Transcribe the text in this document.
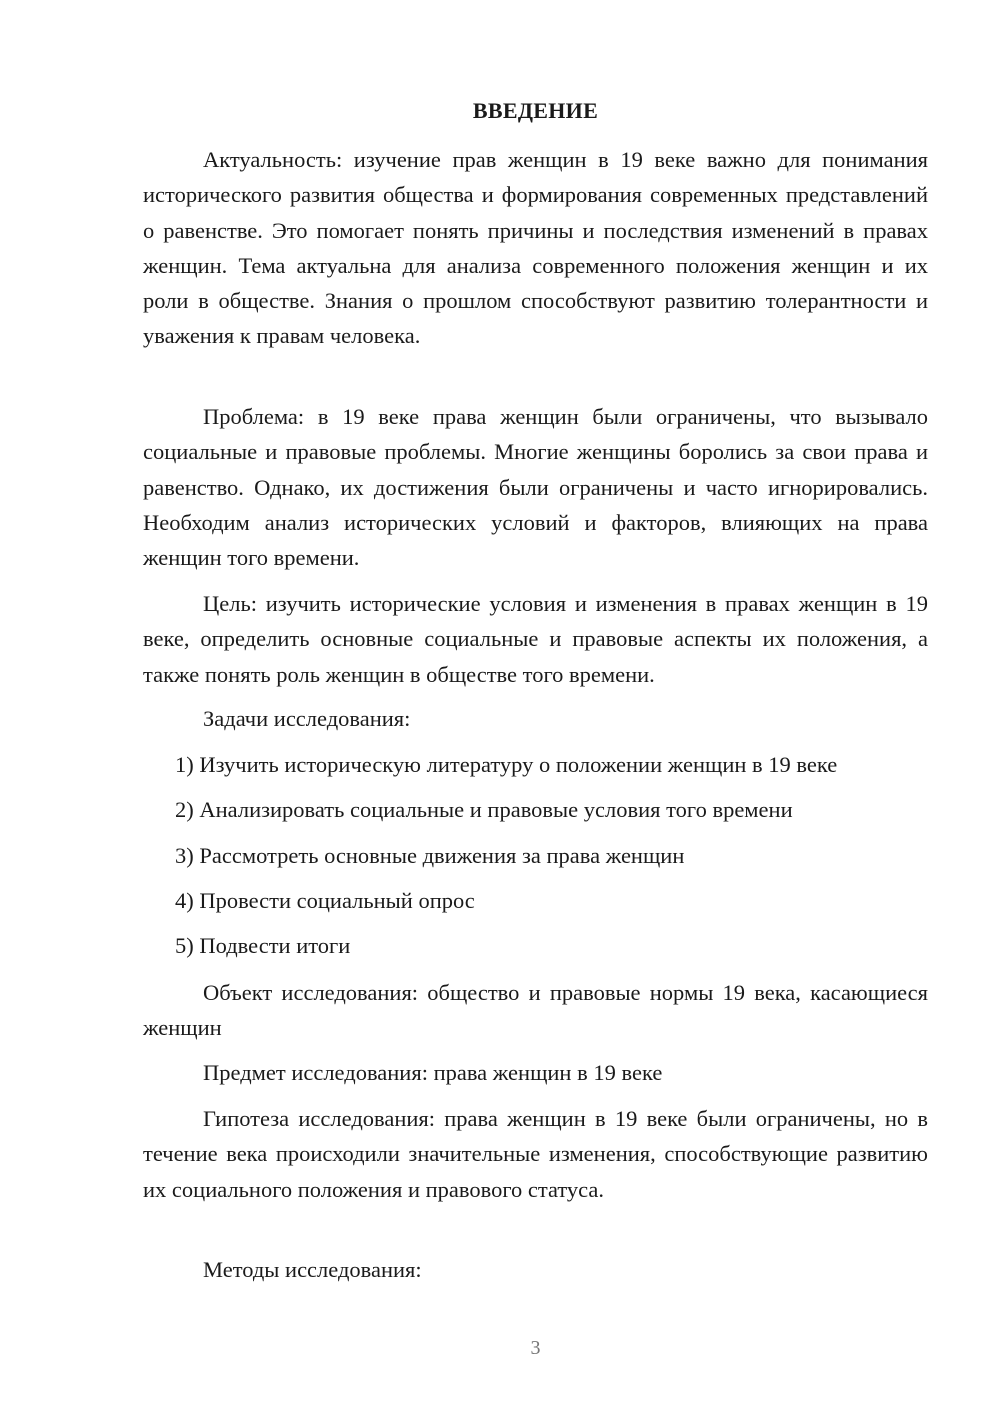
ВВЕДЕНИЕ

Актуальность: изучение прав женщин в 19 веке важно для понимания исторического развития общества и формирования современных представлений о равенстве. Это помогает понять причины и последствия изменений в правах женщин. Тема актуальна для анализа современного положения женщин и их роли в обществе. Знания о прошлом способствуют развитию толерантности и уважения к правам человека.

Проблема: в 19 веке права женщин были ограничены, что вызывало социальные и правовые проблемы. Многие женщины боролись за свои права и равенство. Однако, их достижения были ограничены и часто игнорировались. Необходим анализ исторических условий и факторов, влияющих на права женщин того времени.

Цель: изучить исторические условия и изменения в правах женщин в 19 веке, определить основные социальные и правовые аспекты их положения, а также понять роль женщин в обществе того времени.

Задачи исследования:

1) Изучить историческую литературу о положении женщин в 19 веке

2) Анализировать социальные и правовые условия того времени

3) Рассмотреть основные движения за права женщин

4) Провести социальный опрос

5) Подвести итоги

Объект исследования: общество и правовые нормы 19 века, касающиеся женщин

Предмет исследования: права женщин в 19 веке

Гипотеза исследования: права женщин в 19 веке были ограничены, но в течение века происходили значительные изменения, способствующие развитию их социального положения и правового статуса.

Методы исследования:

3
